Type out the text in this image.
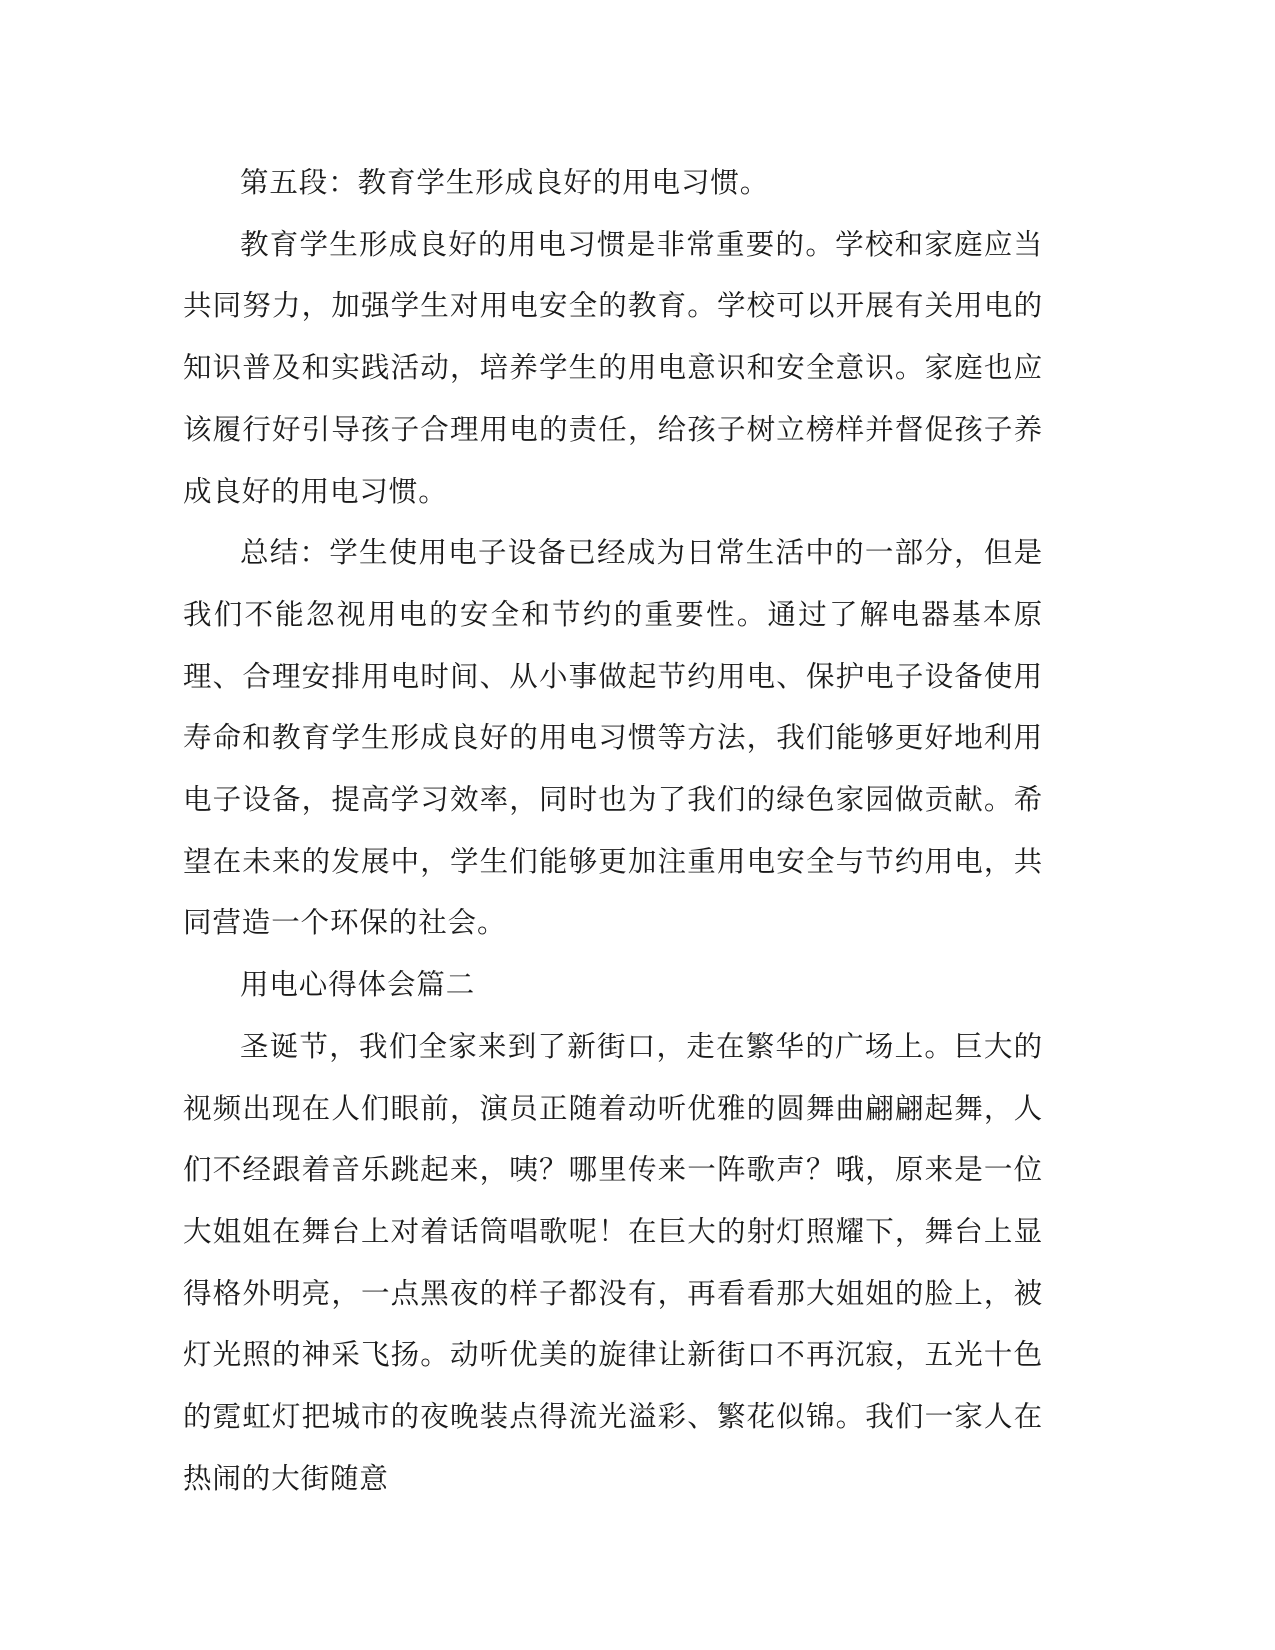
第五段：教育学生形成良好的用电习惯。

教育学生形成良好的用电习惯是非常重要的。学校和家庭应当共同努力，加强学生对用电安全的教育。学校可以开展有关用电的知识普及和实践活动，培养学生的用电意识和安全意识。家庭也应该履行好引导孩子合理用电的责任，给孩子树立榜样并督促孩子养成良好的用电习惯。

总结：学生使用电子设备已经成为日常生活中的一部分，但是我们不能忽视用电的安全和节约的重要性。通过了解电器基本原理、合理安排用电时间、从小事做起节约用电、保护电子设备使用寿命和教育学生形成良好的用电习惯等方法，我们能够更好地利用电子设备，提高学习效率，同时也为了我们的绿色家园做贡献。希望在未来的发展中，学生们能够更加注重用电安全与节约用电，共同营造一个环保的社会。

用电心得体会篇二

圣诞节，我们全家来到了新街口，走在繁华的广场上。巨大的视频出现在人们眼前，演员正随着动听优雅的圆舞曲翩翩起舞，人们不经跟着音乐跳起来，咦？哪里传来一阵歌声？哦，原来是一位大姐姐在舞台上对着话筒唱歌呢！在巨大的射灯照耀下，舞台上显得格外明亮，一点黑夜的样子都没有，再看看那大姐姐的脸上，被灯光照的神采飞扬。动听优美的旋律让新街口不再沉寂，五光十色的霓虹灯把城市的夜晚装点得流光溢彩、繁花似锦。我们一家人在热闹的大街随意
